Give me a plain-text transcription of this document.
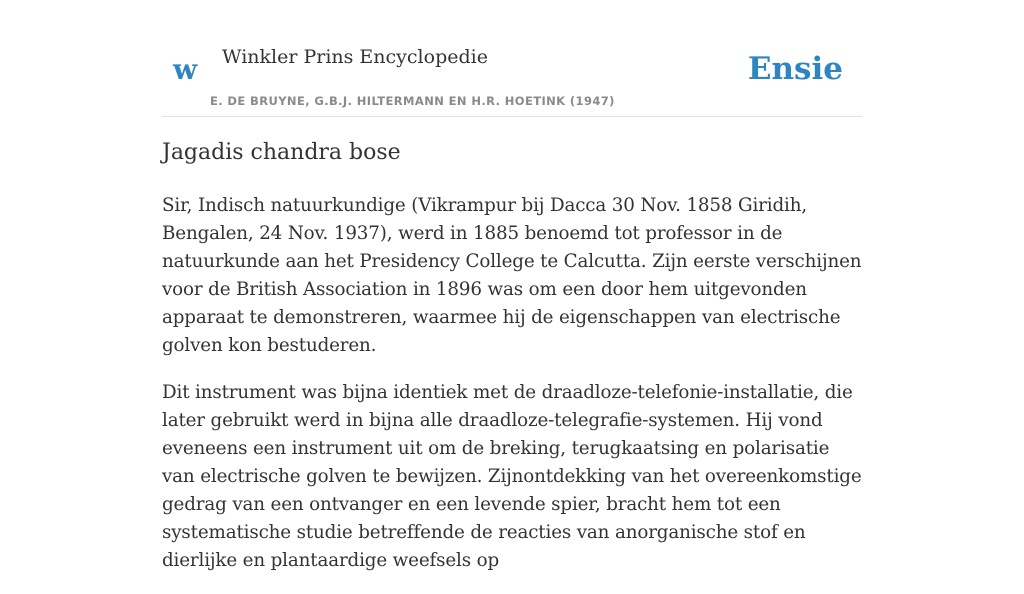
w Winkler Prins Encyclopedie
E. DE BRUYNE, G.B.J. HILTERMANN EN H.R. HOETINK (1947)
Ensie
Jagadis chandra bose

Sir, Indisch natuurkundige (Vikrampur bij Dacca 30 Nov. 1858 Giridih, Bengalen, 24 Nov. 1937), werd in 1885 benoemd tot professor in de natuurkunde aan het Presidency College te Calcutta. Zijn eerste verschijnen voor de British Association in 1896 was om een door hem uitgevonden apparaat te demonstreren, waarmee hij de eigenschappen van electrische golven kon bestuderen.

Dit instrument was bijna identiek met de draadloze-telefonie-installatie, die later gebruikt werd in bijna alle draadloze-telegrafie-systemen. Hij vond eveneens een instrument uit om de breking, terugkaatsing en polarisatie van electrische golven te bewijzen. Zijnontdekking van het overeenkomstige gedrag van een ontvanger en een levende spier, bracht hem tot een systematische studie betreffende de reacties van anorganische stof en dierlijke en plantaardige weefsels op
